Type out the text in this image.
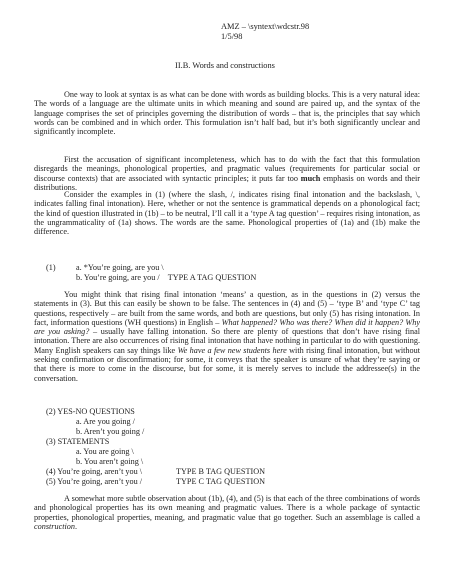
AMZ – \syntext\wdcstr.98
1/5/98
II.B. Words and constructions
One way to look at syntax is as what can be done with words as building blocks. This is a very natural idea: The words of a language are the ultimate units in which meaning and sound are paired up, and the syntax of the language comprises the set of principles governing the distribution of words – that is, the principles that say which words can be combined and in which order. This formulation isn’t half bad, but it’s both significantly unclear and significantly incomplete.
First the accusation of significant incompleteness, which has to do with the fact that this formulation disregards the meanings, phonological properties, and pragmatic values (requirements for particular social or discourse contexts) that are associated with syntactic principles; it puts far too much emphasis on words and their distributions.
Consider the examples in (1) (where the slash, /, indicates rising final intonation and the backslash, \, indicates falling final intonation). Here, whether or not the sentence is grammatical depends on a phonological fact; the kind of question illustrated in (1b) – to be neutral, I’ll call it a ‘type A tag question’ – requires rising intonation, as the ungrammaticality of (1a) shows. The words are the same. Phonological properties of (1a) and (1b) make the difference.
(1) a. *You’re going, are you \
b. You’re going, are you / TYPE A TAG QUESTION
You might think that rising final intonation ‘means’ a question, as in the questions in (2) versus the statements in (3). But this can easily be shown to be false. The sentences in (4) and (5) – ‘type B’ and ‘type C’ tag questions, respectively – are built from the same words, and both are questions, but only (5) has rising intonation. In fact, information questions (WH questions) in English – What happened? Who was there? When did it happen? Why are you asking? – usually have falling intonation. So there are plenty of questions that don’t have rising final intonation. There are also occurrences of rising final intonation that have nothing in particular to do with questioning. Many English speakers can say things like We have a few new students here with rising final intonation, but without seeking confirmation or disconfirmation; for some, it conveys that the speaker is unsure of what they’re saying or that there is more to come in the discourse, but for some, it is merely serves to include the addressee(s) in the conversation.
(2) YES-NO QUESTIONS
a. Are you going /
b. Aren’t you going /
(3) STATEMENTS
a. You are going \
b. You aren’t going \
(4) You’re going, aren’t you \	TYPE B TAG QUESTION
(5) You’re going, aren’t you /	TYPE C TAG QUESTION
A somewhat more subtle observation about (1b), (4), and (5) is that each of the three combinations of words and phonological properties has its own meaning and pragmatic values. There is a whole package of syntactic properties, phonological properties, meaning, and pragmatic value that go together. Such an assemblage is called a construction.
